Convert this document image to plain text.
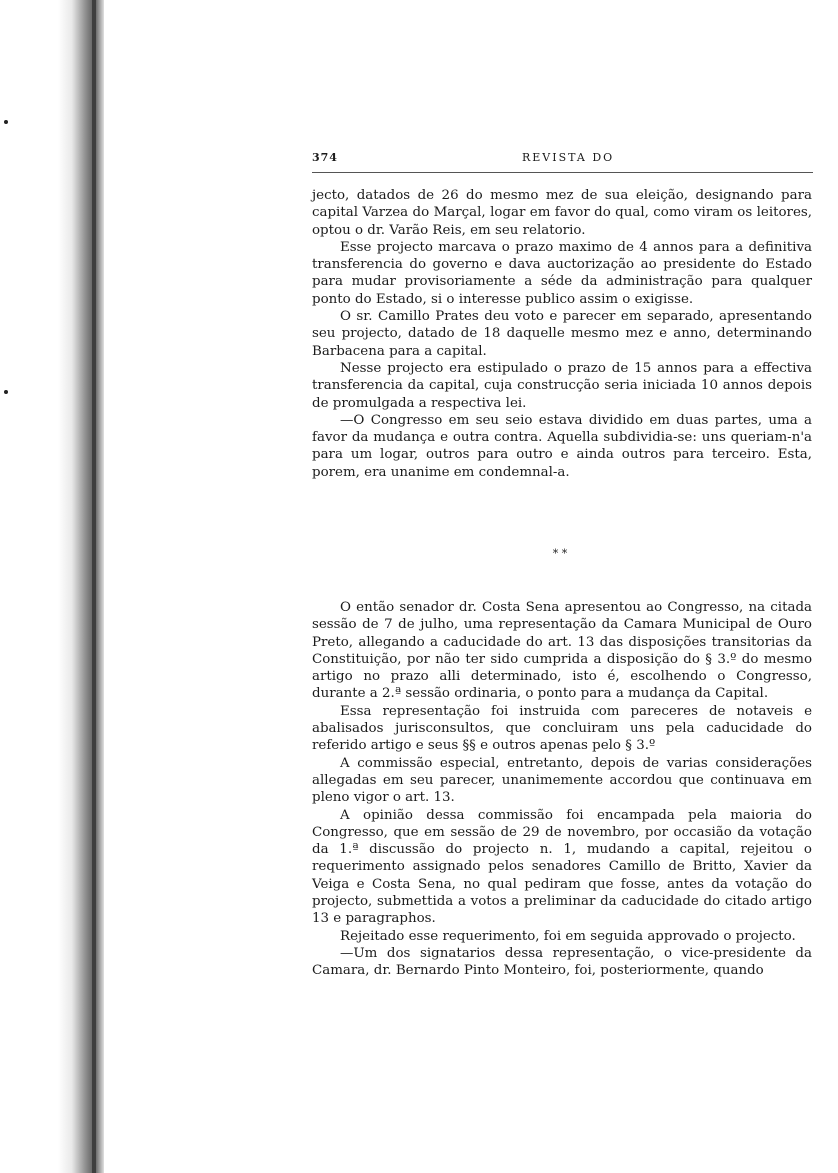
374	REVISTA DO

jecto, datados de 26 do mesmo mez de sua eleição, designando para capital Varzea do Marçal, logar em favor do qual, como viram os leitores, optou o dr. Varão Reis, em seu relatorio.

Esse projecto marcava o prazo maximo de 4 annos para a definitiva transferencia do governo e dava auctorização ao presidente do Estado para mudar provisoriamente a séde da administração para qualquer ponto do Estado, si o interesse publico assim o exigisse.

O sr. Camillo Prates deu voto e parecer em separado, apresentando seu projecto, datado de 18 daquelle mesmo mez e anno, determinando Barbacena para a capital.

Nesse projecto era estipulado o prazo de 15 annos para a effectiva transferencia da capital, cuja construcção seria iniciada 10 annos depois de promulgada a respectiva lei.

—O Congresso em seu seio estava dividido em duas partes, uma a favor da mudança e outra contra. Aquella subdividia-se: uns queriam-n'a para um logar, outros para outro e ainda outros para terceiro. Esta, porem, era unanime em condemnal-a.

* *

O então senador dr. Costa Sena apresentou ao Congresso, na citada sessão de 7 de julho, uma representação da Camara Municipal de Ouro Preto, allegando a caducidade do art. 13 das disposições transitorias da Constituição, por não ter sido cumprida a disposição do § 3.º do mesmo artigo no prazo alli determinado, isto é, escolhendo o Congresso, durante a 2.ª sessão ordinaria, o ponto para a mudança da Capital.

Essa representação foi instruida com pareceres de notaveis e abalisados jurisconsultos, que concluiram uns pela caducidade do referido artigo e seus §§ e outros apenas pelo § 3.º

A commissão especial, entretanto, depois de varias considerações allegadas em seu parecer, unanimemente accordou que continuava em pleno vigor o art. 13.

A opinião dessa commissão foi encampada pela maioria do Congresso, que em sessão de 29 de novembro, por occasião da votação da 1.ª discussão do projecto n. 1, mudando a capital, rejeitou o requerimento assignado pelos senadores Camillo de Britto, Xavier da Veiga e Costa Sena, no qual pediram que fosse, antes da votação do projecto, submettida a votos a preliminar da caducidade do citado artigo 13 e paragraphos.

Rejeitado esse requerimento, foi em seguida approvado o projecto.

—Um dos signatarios dessa representação, o vice-presidente da Camara, dr. Bernardo Pinto Monteiro, foi, posteriormente, quando
